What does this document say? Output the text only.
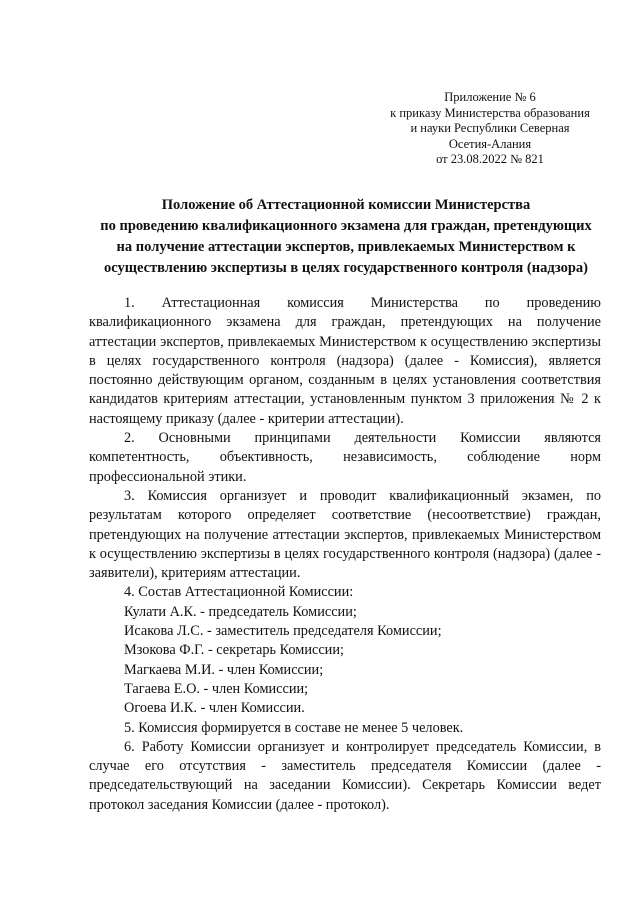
Приложение № 6
к приказу Министерства образования
и науки Республики Северная
Осетия-Алания
от 23.08.2022 № 821
Положение об Аттестационной комиссии Министерства
по проведению квалификационного экзамена для граждан, претендующих
на получение аттестации экспертов, привлекаемых Министерством к
осуществлению экспертизы в целях государственного контроля (надзора)
1. Аттестационная комиссия Министерства по проведению квалификационного экзамена для граждан, претендующих на получение аттестации экспертов, привлекаемых Министерством к осуществлению экспертизы в целях государственного контроля (надзора) (далее - Комиссия), является постоянно действующим органом, созданным в целях установления соответствия кандидатов критериям аттестации, установленным пунктом 3 приложения № 2 к настоящему приказу (далее - критерии аттестации).
2. Основными принципами деятельности Комиссии являются компетентность, объективность, независимость, соблюдение норм профессиональной этики.
3. Комиссия организует и проводит квалификационный экзамен, по результатам которого определяет соответствие (несоответствие) граждан, претендующих на получение аттестации экспертов, привлекаемых Министерством к осуществлению экспертизы в целях государственного контроля (надзора) (далее - заявители), критериям аттестации.
4. Состав Аттестационной Комиссии:
Кулати А.К. - председатель Комиссии;
Исакова Л.С. - заместитель председателя Комиссии;
Мзокова Ф.Г. - секретарь Комиссии;
Магкаева М.И. - член Комиссии;
Тагаева Е.О. - член Комиссии;
Огоева И.К. - член Комиссии.
5. Комиссия формируется в составе не менее 5 человек.
6. Работу Комиссии организует и контролирует председатель Комиссии, в случае его отсутствия - заместитель председателя Комиссии (далее - председательствующий на заседании Комиссии). Секретарь Комиссии ведет протокол заседания Комиссии (далее - протокол).
